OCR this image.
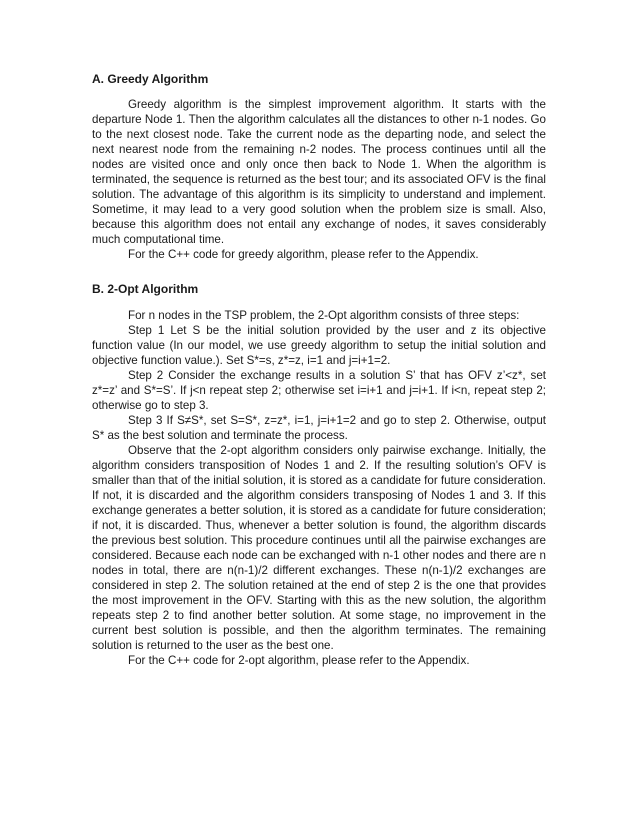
A. Greedy Algorithm

Greedy algorithm is the simplest improvement algorithm. It starts with the departure Node 1. Then the algorithm calculates all the distances to other n-1 nodes. Go to the next closest node. Take the current node as the departing node, and select the next nearest node from the remaining n-2 nodes. The process continues until all the nodes are visited once and only once then back to Node 1. When the algorithm is terminated, the sequence is returned as the best tour; and its associated OFV is the final solution. The advantage of this algorithm is its simplicity to understand and implement. Sometime, it may lead to a very good solution when the problem size is small. Also, because this algorithm does not entail any exchange of nodes, it saves considerably much computational time.

For the C++ code for greedy algorithm, please refer to the Appendix.

B. 2-Opt Algorithm

For n nodes in the TSP problem, the 2-Opt algorithm consists of three steps:

Step 1 Let S be the initial solution provided by the user and z its objective function value (In our model, we use greedy algorithm to setup the initial solution and objective function value.). Set S*=s, z*=z, i=1 and j=i+1=2.

Step 2 Consider the exchange results in a solution S’ that has OFV z’<z*, set z*=z’ and S*=S’. If j<n repeat step 2; otherwise set i=i+1 and j=i+1. If i<n, repeat step 2; otherwise go to step 3.

Step 3 If S≠S*, set S=S*, z=z*, i=1, j=i+1=2 and go to step 2. Otherwise, output S* as the best solution and terminate the process.

Observe that the 2-opt algorithm considers only pairwise exchange. Initially, the algorithm considers transposition of Nodes 1 and 2. If the resulting solution’s OFV is smaller than that of the initial solution, it is stored as a candidate for future consideration. If not, it is discarded and the algorithm considers transposing of Nodes 1 and 3. If this exchange generates a better solution, it is stored as a candidate for future consideration; if not, it is discarded. Thus, whenever a better solution is found, the algorithm discards the previous best solution. This procedure continues until all the pairwise exchanges are considered. Because each node can be exchanged with n-1 other nodes and there are n nodes in total, there are n(n-1)/2 different exchanges. These n(n-1)/2 exchanges are considered in step 2. The solution retained at the end of step 2 is the one that provides the most improvement in the OFV. Starting with this as the new solution, the algorithm repeats step 2 to find another better solution. At some stage, no improvement in the current best solution is possible, and then the algorithm terminates. The remaining solution is returned to the user as the best one.

For the C++ code for 2-opt algorithm, please refer to the Appendix.
